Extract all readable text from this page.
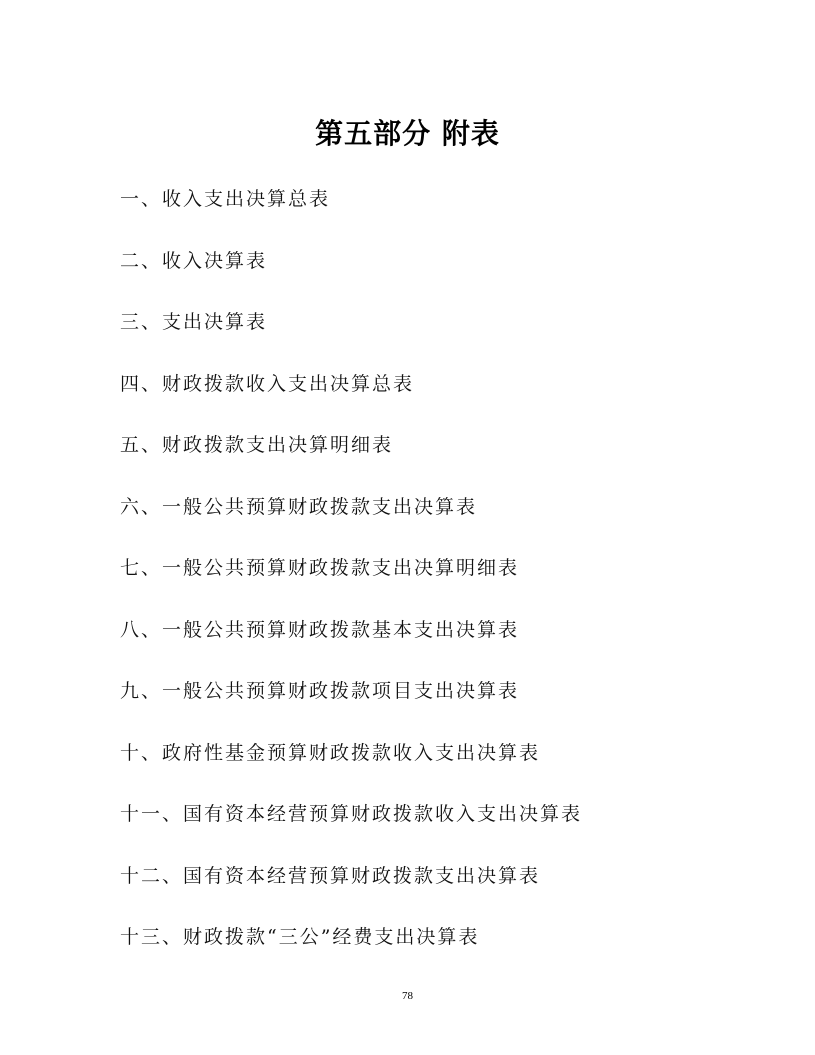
第五部分 附表
一、收入支出决算总表
二、收入决算表
三、支出决算表
四、财政拨款收入支出决算总表
五、财政拨款支出决算明细表
六、一般公共预算财政拨款支出决算表
七、一般公共预算财政拨款支出决算明细表
八、一般公共预算财政拨款基本支出决算表
九、一般公共预算财政拨款项目支出决算表
十、政府性基金预算财政拨款收入支出决算表
十一、国有资本经营预算财政拨款收入支出决算表
十二、国有资本经营预算财政拨款支出决算表
十三、财政拨款“三公”经费支出决算表
78
